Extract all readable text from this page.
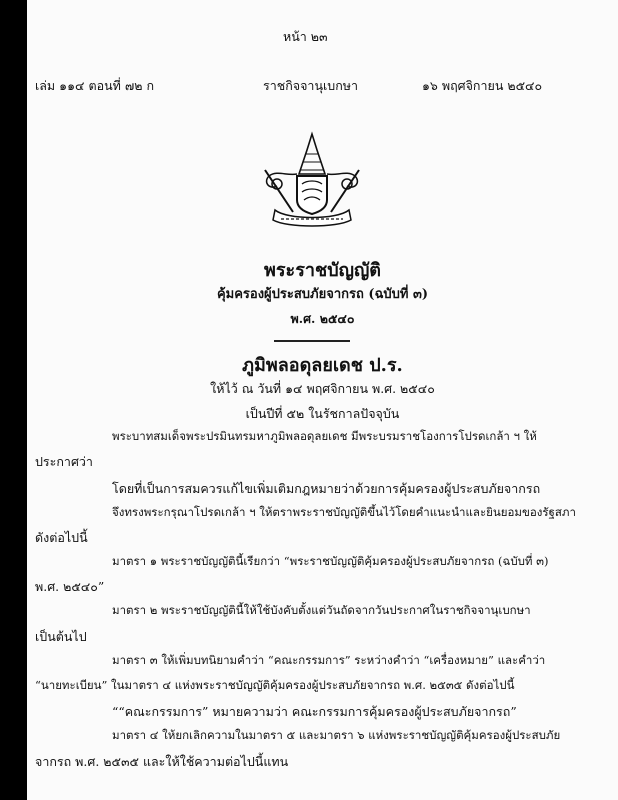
หน้า ๒๓
เล่ม ๑๑๔ ตอนที่ ๗๒ ก	ราชกิจจานุเบกษา	๑๖ พฤศจิกายน ๒๕๔๐
พระราชบัญญัติ
คุ้มครองผู้ประสบภัยจากรถ (ฉบับที่ ๓)
พ.ศ. ๒๕๔๐
ภูมิพลอดุลยเดช ป.ร.
ให้ไว้ ณ วันที่ ๑๔ พฤศจิกายน พ.ศ. ๒๕๔๐
เป็นปีที่ ๕๒ ในรัชกาลปัจจุบัน
พระบาทสมเด็จพระปรมินทรมหาภูมิพลอดุลยเดช มีพระบรมราชโองการโปรดเกล้า ฯ ให้
ประกาศว่า
โดยที่เป็นการสมควรแก้ไขเพิ่มเติมกฎหมายว่าด้วยการคุ้มครองผู้ประสบภัยจากรถ
จึงทรงพระกรุณาโปรดเกล้า ฯ ให้ตราพระราชบัญญัติขึ้นไว้โดยคำแนะนำและยินยอมของรัฐสภา
ดังต่อไปนี้
มาตรา ๑ พระราชบัญญัตินี้เรียกว่า “พระราชบัญญัติคุ้มครองผู้ประสบภัยจากรถ (ฉบับที่ ๓)
พ.ศ. ๒๕๔๐”
มาตรา ๒ พระราชบัญญัตินี้ให้ใช้บังคับตั้งแต่วันถัดจากวันประกาศในราชกิจจานุเบกษา
เป็นต้นไป
มาตรา ๓ ให้เพิ่มบทนิยามคำว่า “คณะกรรมการ” ระหว่างคำว่า “เครื่องหมาย” และคำว่า
“นายทะเบียน” ในมาตรา ๔ แห่งพระราชบัญญัติคุ้มครองผู้ประสบภัยจากรถ พ.ศ. ๒๕๓๕ ดังต่อไปนี้
““คณะกรรมการ” หมายความว่า คณะกรรมการคุ้มครองผู้ประสบภัยจากรถ”
มาตรา ๔ ให้ยกเลิกความในมาตรา ๕ และมาตรา ๖ แห่งพระราชบัญญัติคุ้มครองผู้ประสบภัย
จากรถ พ.ศ. ๒๕๓๕ และให้ใช้ความต่อไปนี้แทน
